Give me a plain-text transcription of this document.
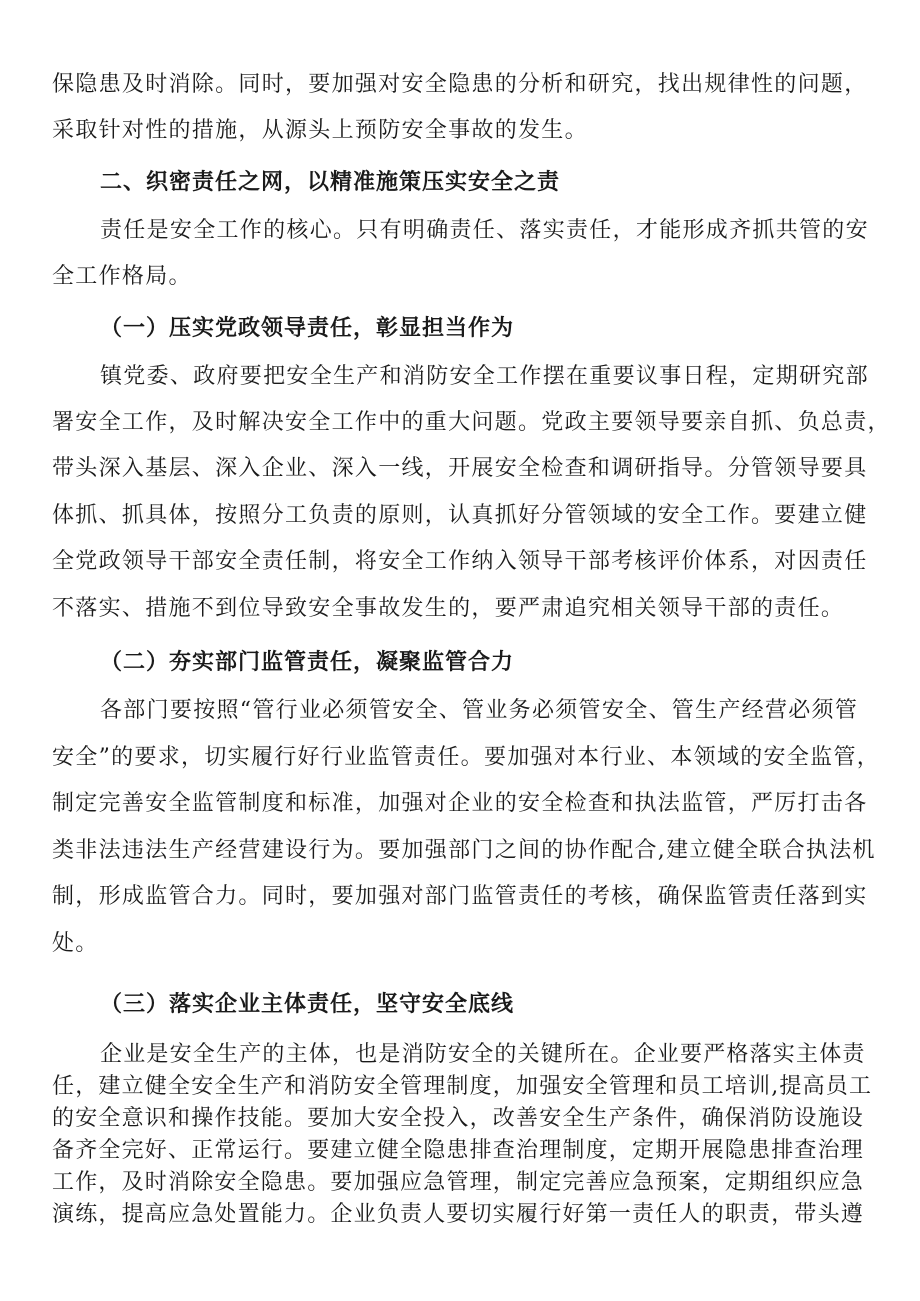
保隐患及时消除。同时，要加强对安全隐患的分析和研究，找出规律性的问题，
采取针对性的措施，从源头上预防安全事故的发生。
二、织密责任之网，以精准施策压实安全之责
责任是安全工作的核心。只有明确责任、落实责任，才能形成齐抓共管的安
全工作格局。
（一）压实党政领导责任，彰显担当作为
镇党委、政府要把安全生产和消防安全工作摆在重要议事日程，定期研究部
署安全工作，及时解决安全工作中的重大问题。党政主要领导要亲自抓、负总责，
带头深入基层、深入企业、深入一线，开展安全检查和调研指导。分管领导要具
体抓、抓具体，按照分工负责的原则，认真抓好分管领域的安全工作。要建立健
全党政领导干部安全责任制，将安全工作纳入领导干部考核评价体系，对因责任
不落实、措施不到位导致安全事故发生的，要严肃追究相关领导干部的责任。
（二）夯实部门监管责任，凝聚监管合力
各部门要按照“管行业必须管安全、管业务必须管安全、管生产经营必须管
安全”的要求，切实履行好行业监管责任。要加强对本行业、本领域的安全监管，
制定完善安全监管制度和标准，加强对企业的安全检查和执法监管，严厉打击各
类非法违法生产经营建设行为。要加强部门之间的协作配合,建立健全联合执法机
制，形成监管合力。同时，要加强对部门监管责任的考核，确保监管责任落到实
处。
（三）落实企业主体责任，坚守安全底线
企业是安全生产的主体，也是消防安全的关键所在。企业要严格落实主体责
任，建立健全安全生产和消防安全管理制度，加强安全管理和员工培训,提高员工
的安全意识和操作技能。要加大安全投入，改善安全生产条件，确保消防设施设
备齐全完好、正常运行。要建立健全隐患排查治理制度，定期开展隐患排查治理
工作，及时消除安全隐患。要加强应急管理，制定完善应急预案，定期组织应急
演练，提高应急处置能力。企业负责人要切实履行好第一责任人的职责，带头遵
